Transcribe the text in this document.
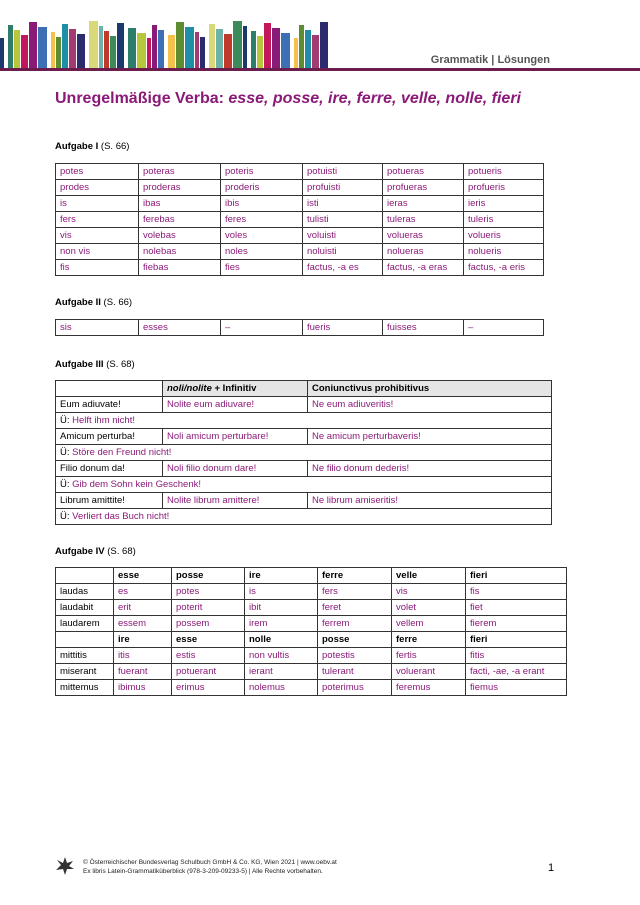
Grammatik | Lösungen
Unregelmäßige Verba: esse, posse, ire, ferre, velle, nolle, fieri
Aufgabe I (S. 66)
potes	poteras	poteris	potuisti	potueras	potueris
prodes	proderas	proderis	profuisti	profueras	profueris
is	ibas	ibis	isti	ieras	ieris
fers	ferebas	feres	tulisti	tuleras	tuleris
vis	volebas	voles	voluisti	volueras	volueris
non vis	nolebas	noles	noluisti	nolueras	nolueris
fis	fiebas	fies	factus, -a es	factus, -a eras	factus, -a eris
Aufgabe II (S. 66)
sis	esses	–	fueris	fuisses	–
Aufgabe III (S. 68)
	noli/nolite + Infinitiv	Coniunctivus prohibitivus
Eum adiuvate!	Nolite eum adiuvare!	Ne eum adiuveritis!
Ü: Helft ihm nicht!		
Amicum perturba!	Noli amicum perturbare!	Ne amicum perturbaveris!
Ü: Störe den Freund nicht!		
Filio donum da!	Noli filio donum dare!	Ne filio donum dederis!
Ü: Gib dem Sohn kein Geschenk!		
Librum amittite!	Nolite librum amittere!	Ne librum amiseritis!
Ü: Verliert das Buch nicht!		
Aufgabe IV (S. 68)
	esse	posse	ire	ferre	velle	fieri
laudas	es	potes	is	fers	vis	fis
laudabit	erit	poterit	ibit	feret	volet	fiet
laudarem	essem	possem	irem	ferrem	vellem	fierem
	ire	esse	nolle	posse	ferre	fieri
mittitis	itis	estis	non vultis	potestis	fertis	fitis
miserant	fuerant	potuerant	ierant	tulerant	voluerant	facti, -ae, -a erant
mittemus	ibimus	erimus	nolemus	poterimus	feremus	fiemus
© Österreichischer Bundesverlag Schulbuch GmbH & Co. KG, Wien 2021 | www.oebv.at
Ex libris Latein-Grammatiküberblick (978-3-209-09233-5) | Alle Rechte vorbehalten.	1
